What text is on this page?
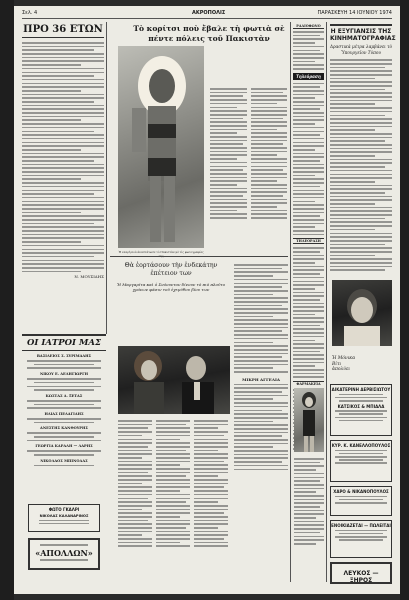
Σελ. 4	ΑΚΡΟΠΟΛΙΣ	ΠΑΡΑΣΚΕΥΗ 14 ΙΟΥΝΙΟΥ 1974
ΠΡΟ 36 ΕΤΩΝ
Ν. ΜΟΥΣΙΔΗΣ
ΟΙ ΙΑΤΡΟΙ ΜΑΣ
ΒΑΣΙΛΕΙΟΣ Σ. ΣΥΡΙΜΑΔΗΣ
ΝΙΚΟΥ Ε. ΔΕΛΗΓΙΩΡΓΗ
ΚΩΣΤΑΣ Δ. ΞΕΤΑΣ
ΗΛΙΑΣ ΠΕΛΑΓΙΔΗΣ
ΑΝΕΣΤΗΣ ΚΑΝΘΟΥΡΗΣ
ΓΕΩΡΓΙΑ ΚΑΡΑΛΗ — ΛΑΡΗΣ
ΝΙΚΟΛΑΟΣ ΜΠΙΝΟΔΑΣ
ΦΩΤΟ ΓΚΑΛΡΙ
ΝΙΚΟΛΑΣ ΚΑΛΑΝΔΡΙΝΟΣ
«ΑΠΟΛΛΩΝ»
Τὸ κορίτσι ποὺ ἔβαλε τὴ φωτιὰ σὲ πέντε πόλεις τοῦ Πακιστὰν
Ἡ νεαρὴ ποὺ ἀναστάτωσε τὸ Πακιστὰν μὲ τὶς φωτογραφίες
Θὰ ἑορτάσουν τὴν ἑνδεκάτην ἐπέτειον των
Ἡ Μαργαρίτα καὶ ὁ Σνόουντον δίνουν τὸ πιὸ πλοῦτο χρόνων φάσιν τοῦ ἐχεμύθου βίου των
ΜΙΚΡΗ ΑΓΓΕΛΙΑ
ΡΑΔΙΟΦΩΝΟ
Τηλεόραση
ΤΗΛΕΟΡΑΣΗ
ΦΑΡΜΑΚΕΙΑ
Η ΕΞΥΓΙΑΝΣΙΣ ΤΗΣ ΚΙΝΗΜΑΤΟΓΡΑΦΙΑΣ
Δραστικὰ μέτρα λαμβάνει τὸ Ὑπουργεῖον Τύπου
Ἡ Μόνικα Βίτι
ἀπολύει
ΑΙΚΑΤΕΡΙΝΗ ΔΕΡΒΙΣΙΩΤΟΥ
ΚΑΤΣΙΚΟΣ & ΜΠΙΑΛΑ
ΚΥΡ. Κ. ΚΑΝΕΛΛΟΠΟΥΛΟΣ
ΧΑΡΟ & ΝΙΚΑΝΟΠΟΥΛΟΣ
ΕΝΟΙΚΙΑΖΕΤΑΙ — ΠΩΛΕΙΤΑΙ
ΛΕΥΚΟΣ — ΞΗΡΟΣ
